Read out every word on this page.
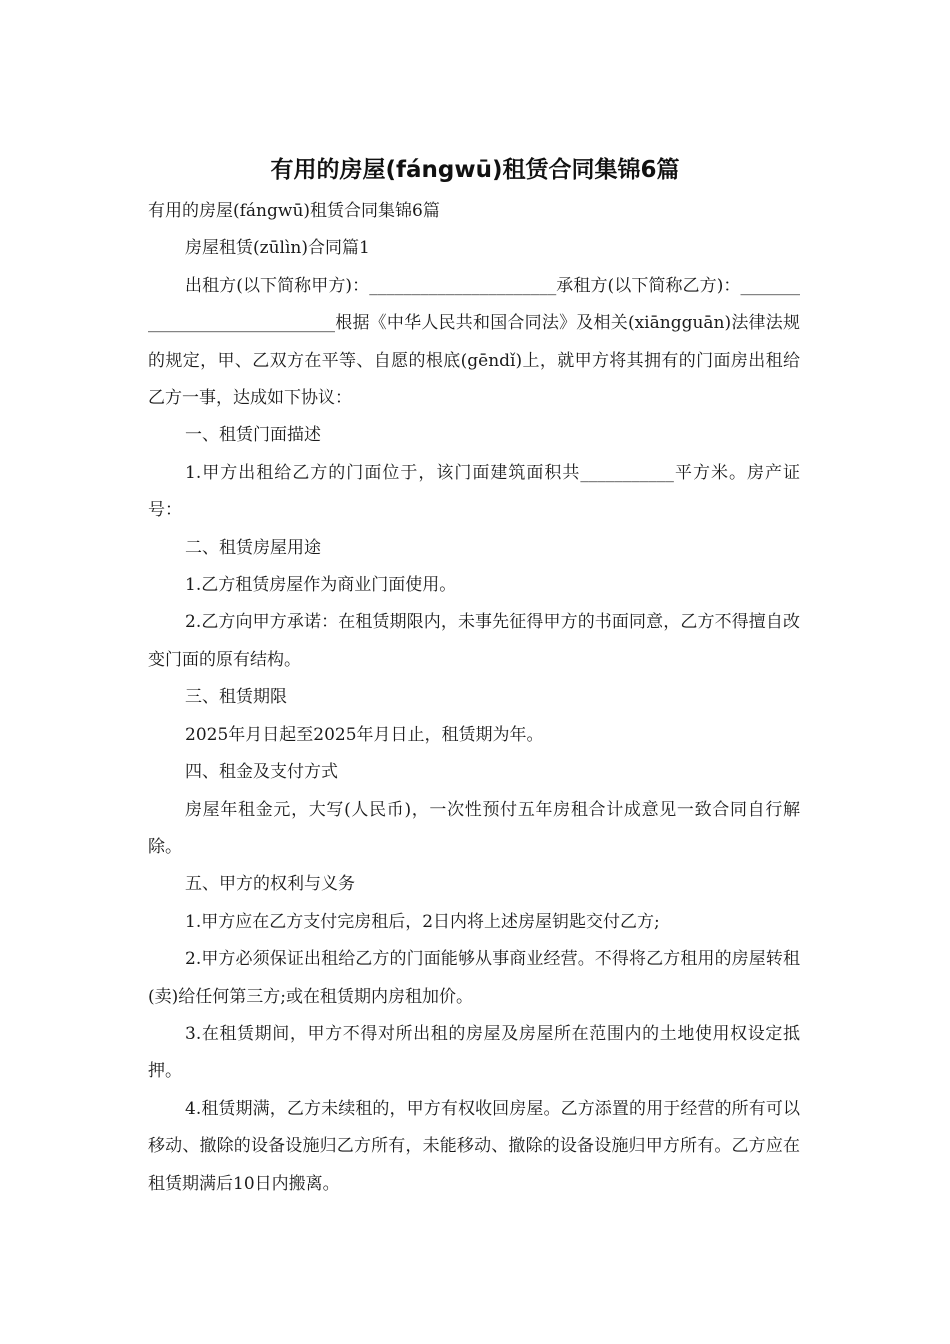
有用的房屋(fángwū)租赁合同集锦6篇

有用的房屋(fángwū)租赁合同集锦6篇

房屋租赁(zūlìn)合同篇1

出租方(以下简称甲方)：______________________承租方(以下简称乙方)：_____________________________根据《中华人民共和国合同法》及相关(xiāngguān)法律法规的规定，甲、乙双方在平等、自愿的根底(gēndǐ)上，就甲方将其拥有的门面房出租给乙方一事，达成如下协议：

一、租赁门面描述

1.甲方出租给乙方的门面位于，该门面建筑面积共___________平方米。房产证号：

二、租赁房屋用途

1.乙方租赁房屋作为商业门面使用。

2.乙方向甲方承诺：在租赁期限内，未事先征得甲方的书面同意，乙方不得擅自改变门面的原有结构。

三、租赁期限

2025年月日起至2025年月日止，租赁期为年。

四、租金及支付方式

房屋年租金元，大写(人民币)，一次性预付五年房租合计成意见一致合同自行解除。

五、甲方的权利与义务

1.甲方应在乙方支付完房租后，2日内将上述房屋钥匙交付乙方;

2.甲方必须保证出租给乙方的门面能够从事商业经营。不得将乙方租用的房屋转租(卖)给任何第三方;或在租赁期内房租加价。

3.在租赁期间，甲方不得对所出租的房屋及房屋所在范围内的土地使用权设定抵押。

4.租赁期满，乙方未续租的，甲方有权收回房屋。乙方添置的用于经营的所有可以移动、撤除的设备设施归乙方所有，未能移动、撤除的设备设施归甲方所有。乙方应在租赁期满后10日内搬离。
